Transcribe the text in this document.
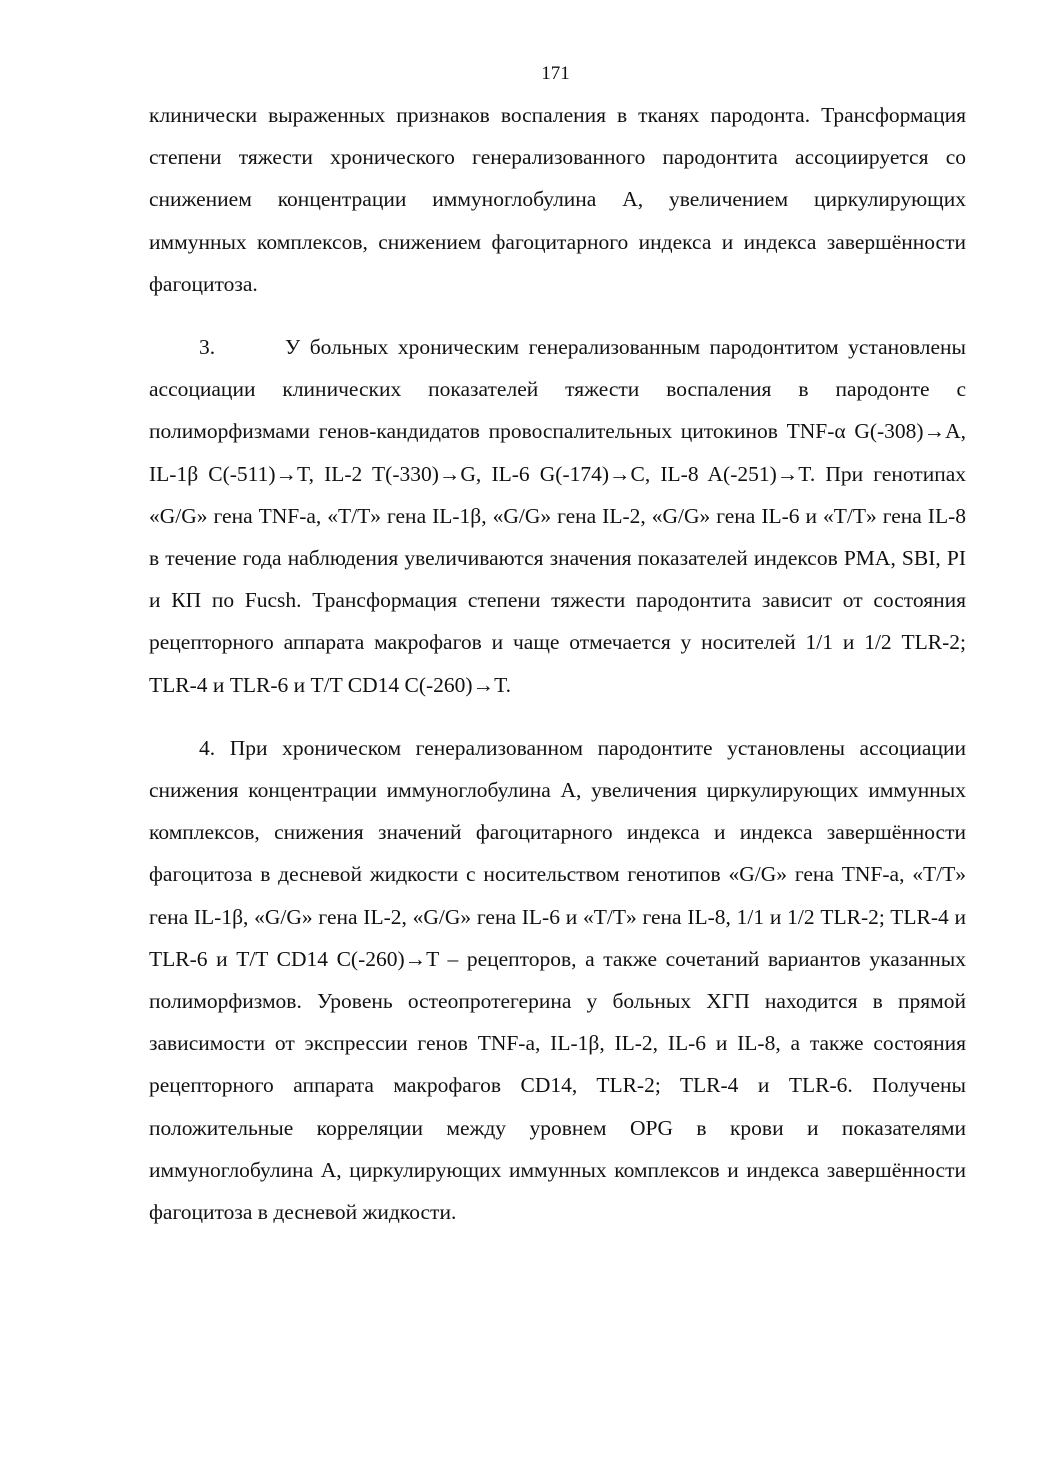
171

клинически выраженных признаков воспаления в тканях пародонта. Трансформация степени тяжести хронического генерализованного пародонтита ассоциируется со снижением концентрации иммуноглобулина А, увеличением циркулирующих иммунных комплексов, снижением фагоцитарного индекса и индекса завершённости фагоцитоза.

3.	У больных хроническим генерализованным пародонтитом установлены ассоциации клинических показателей тяжести воспаления в пародонте с полиморфизмами генов-кандидатов провоспалительных цитокинов TNF-α G(-308)→A, IL-1β C(-511)→T, IL-2 T(-330)→G, IL-6 G(-174)→C, IL-8 A(-251)→T. При генотипах «G/G» гена TNF-a, «T/T» гена IL-1β, «G/G» гена IL-2, «G/G» гена IL-6 и «T/T» гена IL-8 в течение года наблюдения увеличиваются значения показателей индексов PMA, SBI, PI и КП по Fucsh. Трансформация степени тяжести пародонтита зависит от состояния рецепторного аппарата макрофагов и чаще отмечается у носителей 1/1 и 1/2 TLR-2; TLR-4 и TLR-6 и T/T CD14 C(-260)→T.

4. При хроническом генерализованном пародонтите установлены ассоциации снижения концентрации иммуноглобулина А, увеличения циркулирующих иммунных комплексов, снижения значений фагоцитарного индекса и индекса завершённости фагоцитоза в десневой жидкости с носительством генотипов «G/G» гена TNF-a, «T/T» гена IL-1β, «G/G» гена IL-2, «G/G» гена IL-6 и «T/T» гена IL-8, 1/1 и 1/2 TLR-2; TLR-4 и TLR-6 и T/T CD14 C(-260)→T – рецепторов, а также сочетаний вариантов указанных полиморфизмов. Уровень остеопротегерина у больных ХГП находится в прямой зависимости от экспрессии генов TNF-a, IL-1β, IL-2, IL-6 и IL-8, а также состояния рецепторного аппарата макрофагов CD14, TLR-2; TLR-4 и TLR-6. Получены положительные корреляции между уровнем OPG в крови и показателями иммуноглобулина А, циркулирующих иммунных комплексов и индекса завершённости фагоцитоза в десневой жидкости.
